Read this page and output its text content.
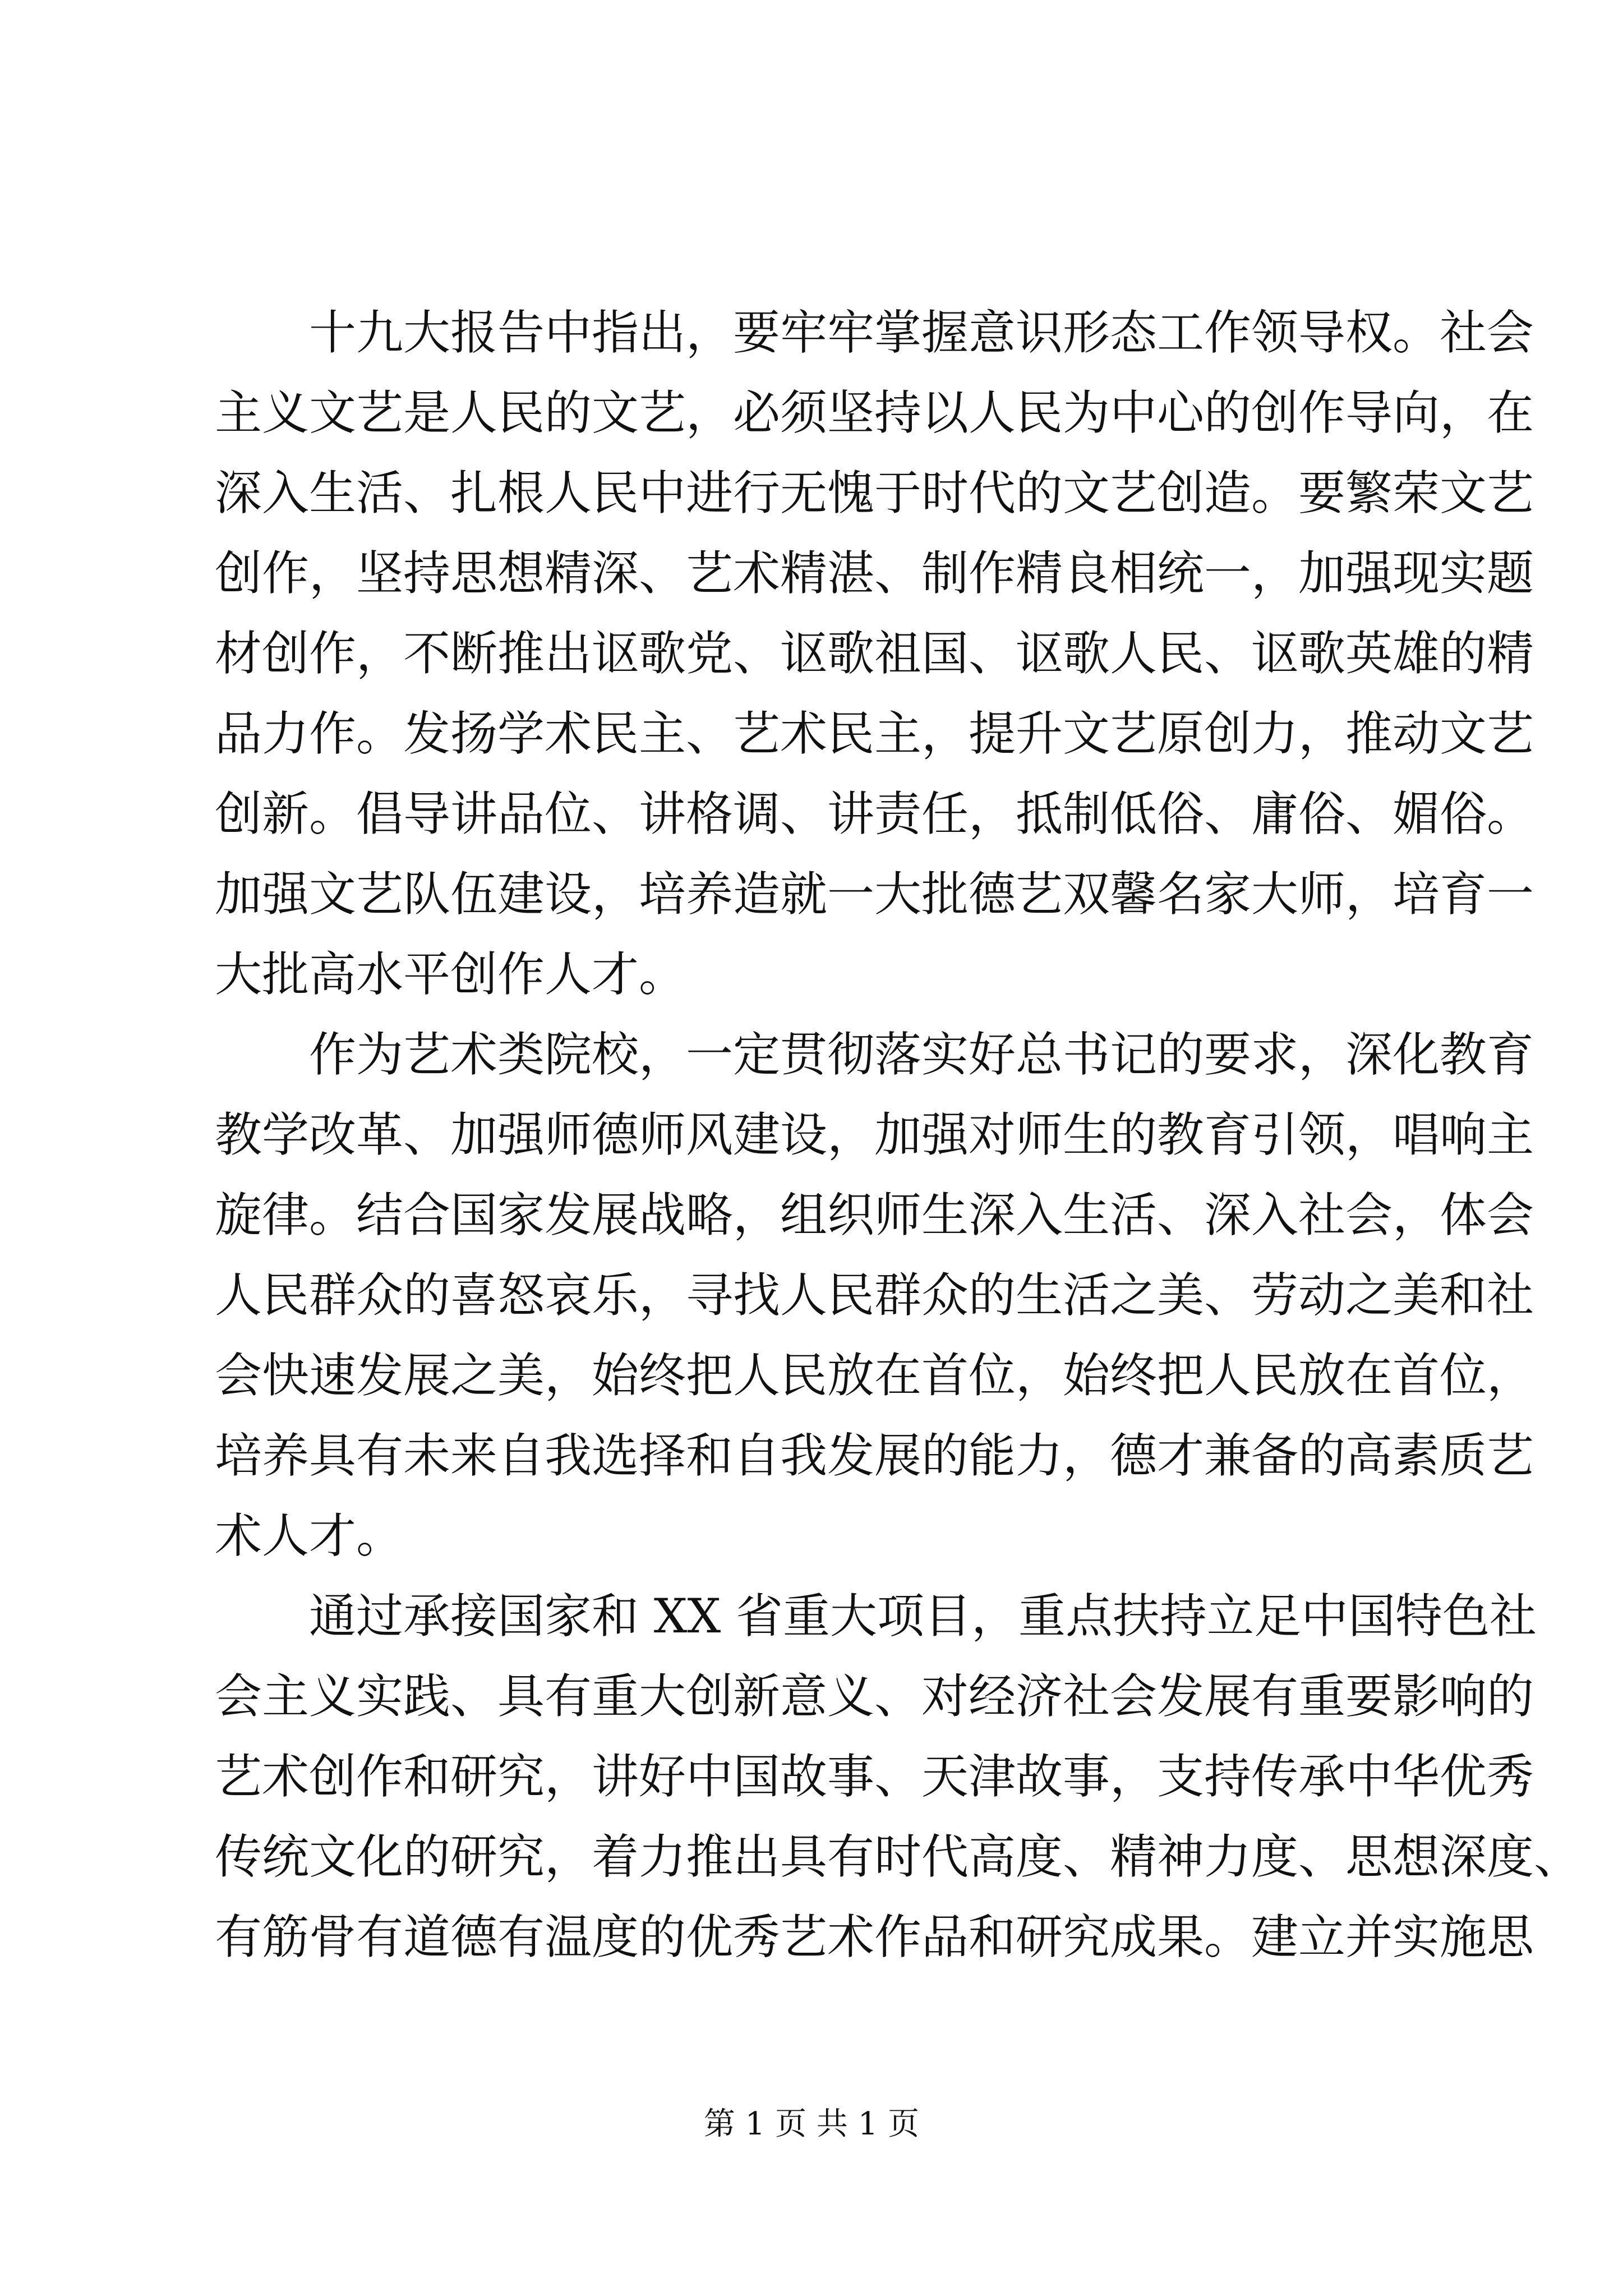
十九大报告中指出，要牢牢掌握意识形态工作领导权。社会
主义文艺是人民的文艺，必须坚持以人民为中心的创作导向，在
深入生活、扎根人民中进行无愧于时代的文艺创造。要繁荣文艺
创作，坚持思想精深、艺术精湛、制作精良相统一，加强现实题
材创作，不断推出讴歌党、讴歌祖国、讴歌人民、讴歌英雄的精
品力作。发扬学术民主、艺术民主，提升文艺原创力，推动文艺
创新。倡导讲品位、讲格调、讲责任，抵制低俗、庸俗、媚俗。
加强文艺队伍建设，培养造就一大批德艺双馨名家大师，培育一
大批高水平创作人才。
作为艺术类院校，一定贯彻落实好总书记的要求，深化教育
教学改革、加强师德师风建设，加强对师生的教育引领，唱响主
旋律。结合国家发展战略，组织师生深入生活、深入社会，体会
人民群众的喜怒哀乐，寻找人民群众的生活之美、劳动之美和社
会快速发展之美，始终把人民放在首位，始终把人民放在首位，
培养具有未来自我选择和自我发展的能力，德才兼备的高素质艺
术人才。
通过承接国家和 XX 省重大项目，重点扶持立足中国特色社
会主义实践、具有重大创新意义、对经济社会发展有重要影响的
艺术创作和研究，讲好中国故事、天津故事，支持传承中华优秀
传统文化的研究，着力推出具有时代高度、精神力度、思想深度、
有筋骨有道德有温度的优秀艺术作品和研究成果。建立并实施思
第 1 页 共 1 页
